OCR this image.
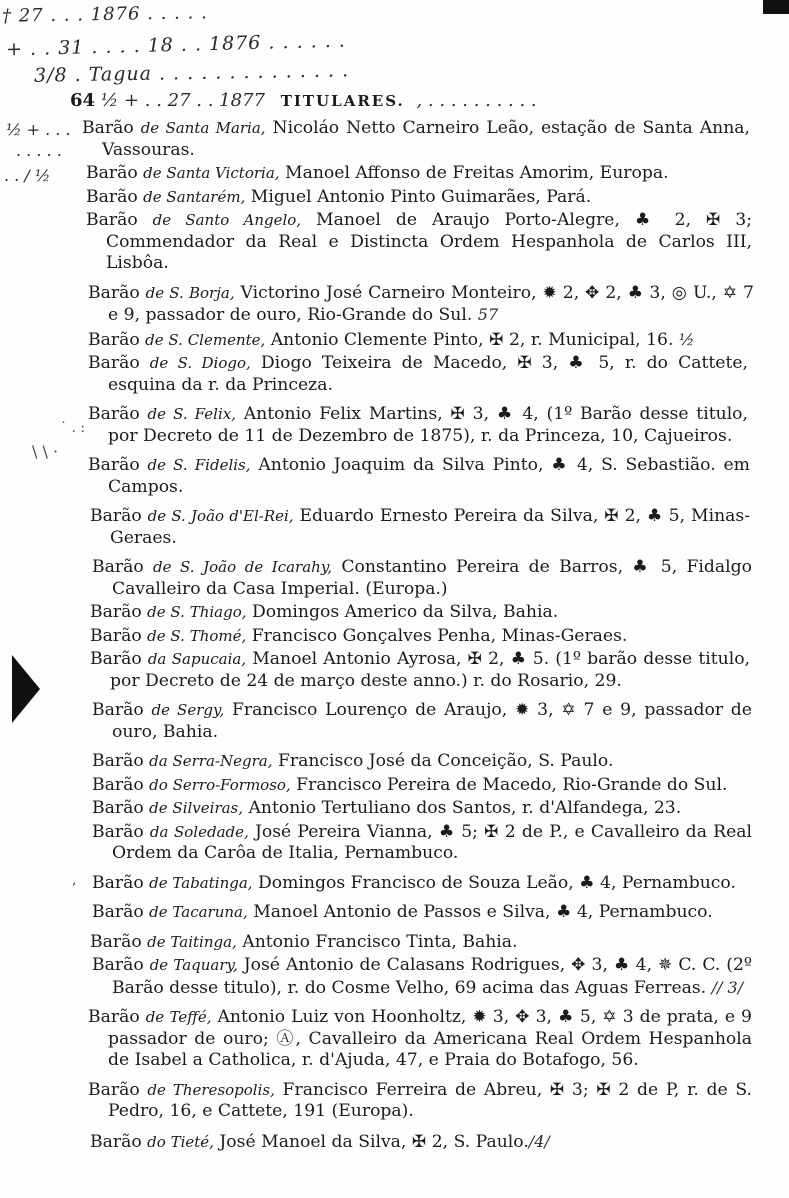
† 27 . . . 1876 . . . . .
+ . . 31 . . . . 18 . . 1876 . . . . . .
3/8 . Tagua . . . . . . . . . . . . . .
64 ½ + . . 27 . . 1877 TITULARES. , . . . . . . . . . .
½ + . . .
. . . . .
. . / ½
˙ . :
\ \ ·
,
Barão de Santa Maria, Nicoláo Netto Carneiro Leão, estação de Santa Anna, Vassouras.
Barão de Santa Victoria, Manoel Affonso de Freitas Amorim, Europa.
Barão de Santarém, Miguel Antonio Pinto Guimarães, Pará.
Barão de Santo Angelo, Manoel de Araujo Porto-Alegre, ♣ 2, ✠ 3; Commendador da Real e Distincta Ordem Hespanhola de Carlos III, Lisbôa.
Barão de S. Borja, Victorino José Carneiro Monteiro, ✹ 2, ✥ 2, ♣ 3, ◎ U., ✡ 7 e 9, passador de ouro, Rio-Grande do Sul. 57
Barão de S. Clemente, Antonio Clemente Pinto, ✠ 2, r. Municipal, 16. ½
Barão de S. Diogo, Diogo Teixeira de Macedo, ✠ 3, ♣ 5, r. do Cattete, esquina da r. da Princeza.
Barão de S. Felix, Antonio Felix Martins, ✠ 3, ♣ 4, (1º Barão desse titulo, por Decreto de 11 de Dezembro de 1875), r. da Princeza, 10, Cajueiros.
Barão de S. Fidelis, Antonio Joaquim da Silva Pinto, ♣ 4, S. Sebastião. em Campos.
Barão de S. João d'El-Rei, Eduardo Ernesto Pereira da Silva, ✠ 2, ♣ 5, Minas-Geraes.
Barão de S. João de Icarahy, Constantino Pereira de Barros, ♣ 5, Fidalgo Cavalleiro da Casa Imperial. (Europa.)
Barão de S. Thiago, Domingos Americo da Silva, Bahia.
Barão de S. Thomé, Francisco Gonçalves Penha, Minas-Geraes.
Barão da Sapucaia, Manoel Antonio Ayrosa, ✠ 2, ♣ 5. (1º barão desse titulo, por Decreto de 24 de março deste anno.) r. do Rosario, 29.
Barão de Sergy, Francisco Lourenço de Araujo, ✹ 3, ✡ 7 e 9, passador de ouro, Bahia.
Barão da Serra-Negra, Francisco José da Conceição, S. Paulo.
Barão do Serro-Formoso, Francisco Pereira de Macedo, Rio-Grande do Sul.
Barão de Silveiras, Antonio Tertuliano dos Santos, r. d'Alfandega, 23.
Barão da Soledade, José Pereira Vianna, ♣ 5; ✠ 2 de P., e Cavalleiro da Real Ordem da Carôa de Italia, Pernambuco.
Barão de Tabatinga, Domingos Francisco de Souza Leão, ♣ 4, Pernambuco.
Barão de Tacaruna, Manoel Antonio de Passos e Silva, ♣ 4, Pernambuco.
Barão de Taitinga, Antonio Francisco Tinta, Bahia.
Barão de Taquary, José Antonio de Calasans Rodrigues, ✥ 3, ♣ 4, ✵ C. C. (2º Barão desse titulo), r. do Cosme Velho, 69 acima das Aguas Ferreas. // 3/
Barão de Teffé, Antonio Luiz von Hoonholtz, ✹ 3, ✥ 3, ♣ 5, ✡ 3 de prata, e 9 passador de ouro; Ⓐ, Cavalleiro da Americana Real Ordem Hespanhola de Isabel a Catholica, r. d'Ajuda, 47, e Praia do Botafogo, 56.
Barão de Theresopolis, Francisco Ferreira de Abreu, ✠ 3; ✠ 2 de P, r. de S. Pedro, 16, e Cattete, 191 (Europa).
Barão do Tieté, José Manoel da Silva, ✠ 2, S. Paulo./4/
